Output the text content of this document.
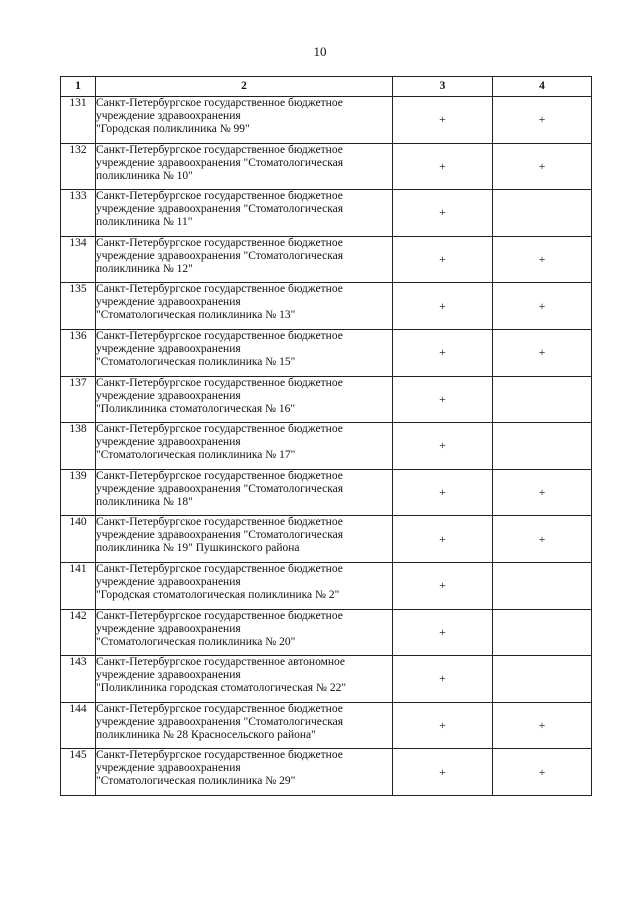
10
1	2	3	4
131	Санкт-Петербургское государственное бюджетное
учреждение здравоохранения
"Городская поликлиника № 99"	+	+
132	Санкт-Петербургское государственное бюджетное
учреждение здравоохранения "Стоматологическая
поликлиника № 10"	+	+
133	Санкт-Петербургское государственное бюджетное
учреждение здравоохранения "Стоматологическая
поликлиника № 11"	+	
134	Санкт-Петербургское государственное бюджетное
учреждение здравоохранения "Стоматологическая
поликлиника № 12"	+	+
135	Санкт-Петербургское государственное бюджетное
учреждение здравоохранения
"Стоматологическая поликлиника № 13"	+	+
136	Санкт-Петербургское государственное бюджетное
учреждение здравоохранения
"Стоматологическая поликлиника № 15"	+	+
137	Санкт-Петербургское государственное бюджетное
учреждение здравоохранения
"Поликлиника стоматологическая № 16"	+	
138	Санкт-Петербургское государственное бюджетное
учреждение здравоохранения
"Стоматологическая поликлиника № 17"	+	
139	Санкт-Петербургское государственное бюджетное
учреждение здравоохранения "Стоматологическая
поликлиника № 18"	+	+
140	Санкт-Петербургское государственное бюджетное
учреждение здравоохранения "Стоматологическая
поликлиника № 19" Пушкинского района	+	+
141	Санкт-Петербургское государственное бюджетное
учреждение здравоохранения
"Городская стоматологическая поликлиника № 2"	+	
142	Санкт-Петербургское государственное бюджетное
учреждение здравоохранения
"Стоматологическая поликлиника № 20"	+	
143	Санкт-Петербургское государственное автономное
учреждение здравоохранения
"Поликлиника городская стоматологическая № 22"	+	
144	Санкт-Петербургское государственное бюджетное
учреждение здравоохранения "Стоматологическая
поликлиника № 28 Красносельского района"	+	+
145	Санкт-Петербургское государственное бюджетное
учреждение здравоохранения
"Стоматологическая поликлиника № 29"	+	+
